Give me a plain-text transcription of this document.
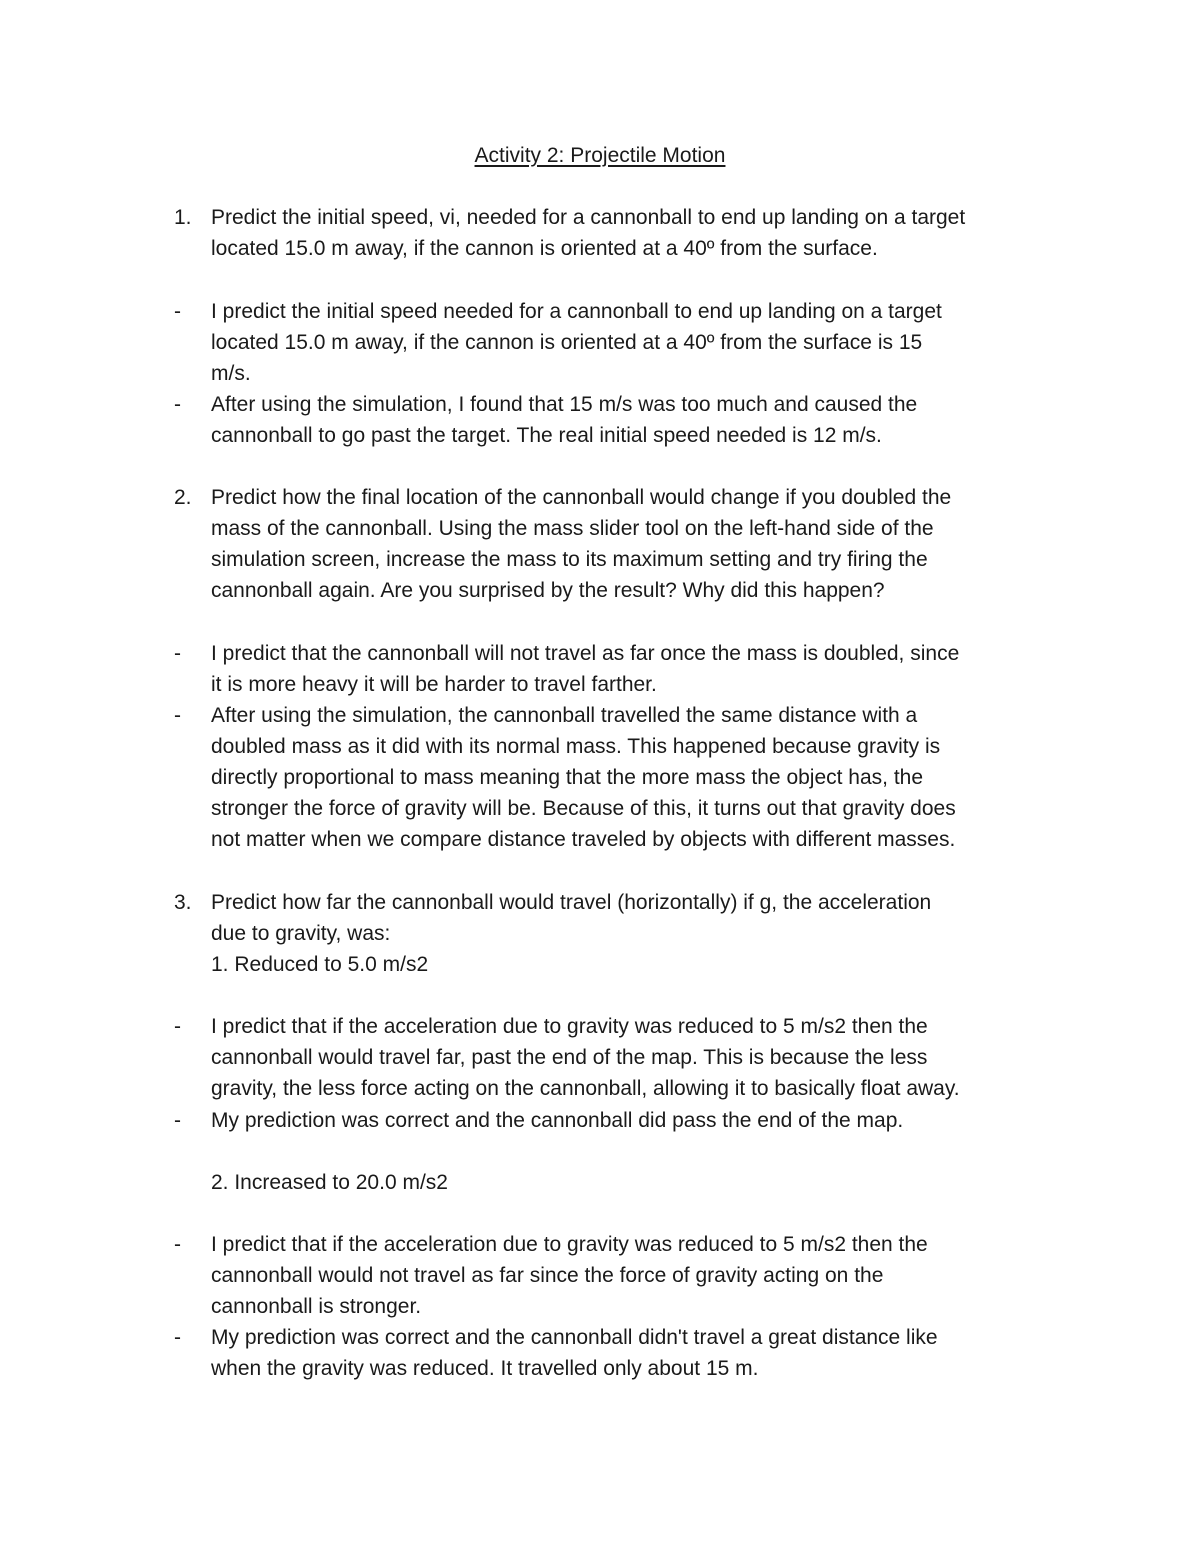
Activity 2: Projectile Motion
1. Predict the initial speed, vi, needed for a cannonball to end up landing on a target
located 15.0 m away, if the cannon is oriented at a 40º from the surface.
- I predict the initial speed needed for a cannonball to end up landing on a target
located 15.0 m away, if the cannon is oriented at a 40º from the surface is 15
m/s.
- After using the simulation, I found that 15 m/s was too much and caused the
cannonball to go past the target. The real initial speed needed is 12 m/s.
2. Predict how the final location of the cannonball would change if you doubled the
mass of the cannonball. Using the mass slider tool on the left-hand side of the
simulation screen, increase the mass to its maximum setting and try firing the
cannonball again. Are you surprised by the result? Why did this happen?
- I predict that the cannonball will not travel as far once the mass is doubled, since
it is more heavy it will be harder to travel farther.
- After using the simulation, the cannonball travelled the same distance with a
doubled mass as it did with its normal mass. This happened because gravity is
directly proportional to mass meaning that the more mass the object has, the
stronger the force of gravity will be. Because of this, it turns out that gravity does
not matter when we compare distance traveled by objects with different masses.
3. Predict how far the cannonball would travel (horizontally) if g, the acceleration
due to gravity, was:
1. Reduced to 5.0 m/s2
- I predict that if the acceleration due to gravity was reduced to 5 m/s2 then the
cannonball would travel far, past the end of the map. This is because the less
gravity, the less force acting on the cannonball, allowing it to basically float away.
- My prediction was correct and the cannonball did pass the end of the map.
2. Increased to 20.0 m/s2
- I predict that if the acceleration due to gravity was reduced to 5 m/s2 then the
cannonball would not travel as far since the force of gravity acting on the
cannonball is stronger.
- My prediction was correct and the cannonball didn't travel a great distance like
when the gravity was reduced. It travelled only about 15 m.
